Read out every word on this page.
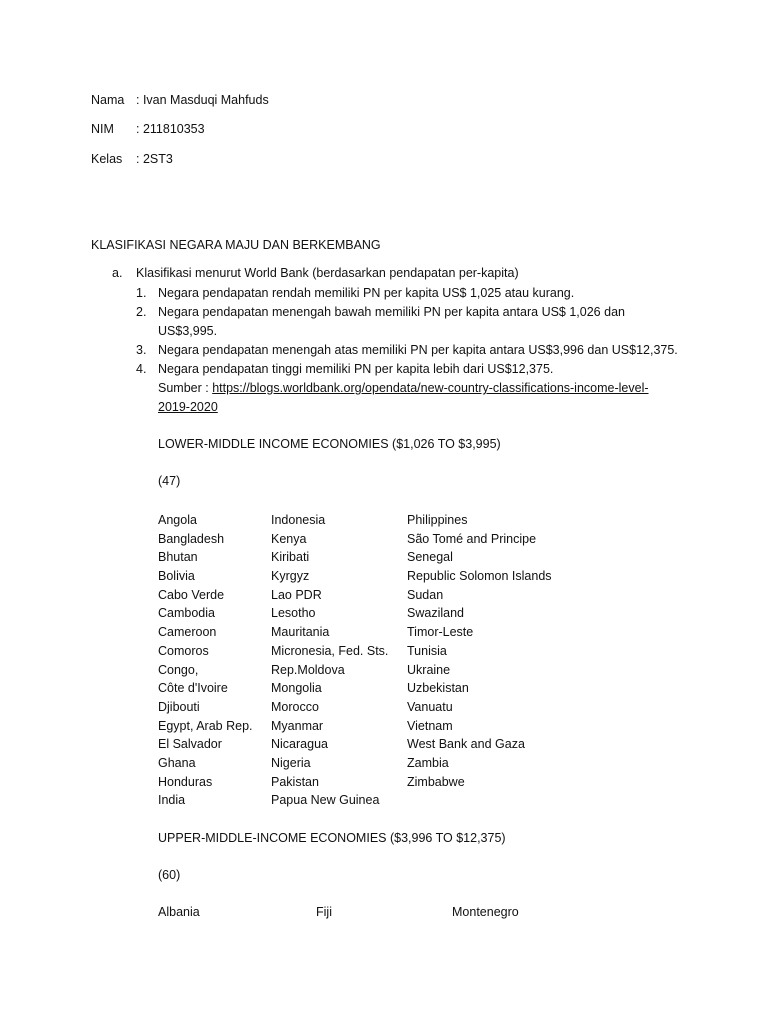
Nama : Ivan Masduqi Mahfuds
NIM : 211810353
Kelas : 2ST3
KLASIFIKASI NEGARA MAJU DAN BERKEMBANG
a. Klasifikasi menurut World Bank (berdasarkan pendapatan per-kapita)
1. Negara pendapatan rendah memiliki PN per kapita US$ 1,025 atau kurang.
2. Negara pendapatan menengah bawah memiliki PN per kapita antara US$ 1,026 dan
US$3,995.
3. Negara pendapatan menengah atas memiliki PN per kapita antara US$3,996 dan US$12,375.
4. Negara pendapatan tinggi memiliki PN per kapita lebih dari US$12,375.
Sumber : https://blogs.worldbank.org/opendata/new-country-classifications-income-level-
2019-2020
LOWER-MIDDLE INCOME ECONOMIES ($1,026 TO $3,995)
(47)
Angola
Bangladesh
Bhutan
Bolivia
Cabo Verde
Cambodia
Cameroon
Comoros
Congo,
Côte d'Ivoire
Djibouti
Egypt, Arab Rep.
El Salvador
Ghana
Honduras
India
Indonesia
Kenya
Kiribati
Kyrgyz
Lao PDR
Lesotho
Mauritania
Micronesia, Fed. Sts.
Rep.Moldova
Mongolia
Morocco
Myanmar
Nicaragua
Nigeria
Pakistan
Papua New Guinea
Philippines
São Tomé and Principe
Senegal
Republic Solomon Islands
Sudan
Swaziland
Timor-Leste
Tunisia
Ukraine
Uzbekistan
Vanuatu
Vietnam
West Bank and Gaza
Zambia
Zimbabwe
UPPER-MIDDLE-INCOME ECONOMIES ($3,996 TO $12,375)
(60)
Albania	Fiji	Montenegro
